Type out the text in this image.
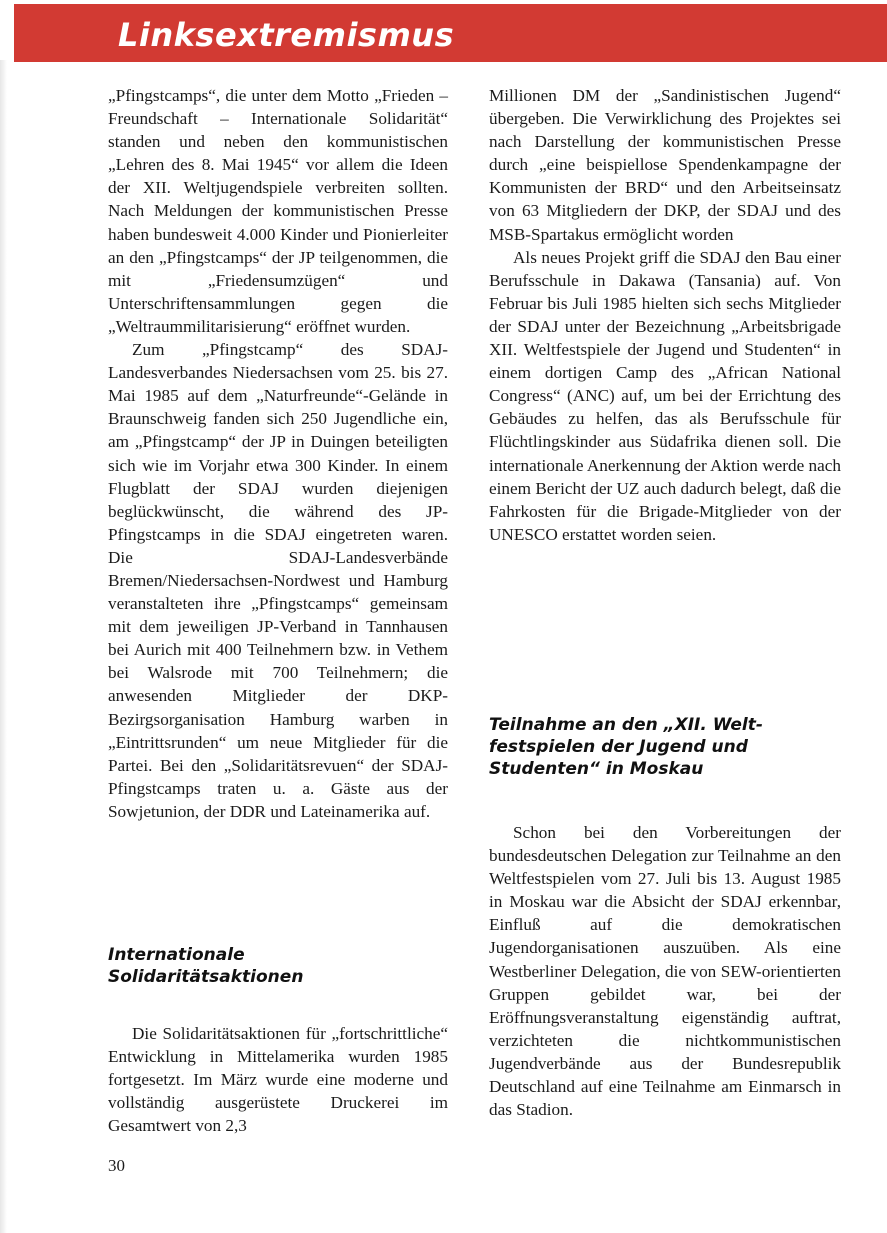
Linksextremismus

„Pfingstcamps“, die unter dem Motto „Frieden – Freundschaft – Internationale Solidarität“ standen und neben den kommunistischen „Lehren des 8. Mai 1945“ vor allem die Ideen der XII. Weltjugendspiele verbreiten sollten. Nach Meldungen der kommunistischen Presse haben bundesweit 4.000 Kinder und Pionierleiter an den „Pfingstcamps“ der JP teilgenommen, die mit „Friedensumzügen“ und Unterschriftensammlungen gegen die „Weltraummilitarisierung“ eröffnet wurden.

Zum „Pfingstcamp“ des SDAJ-Landesverbandes Niedersachsen vom 25. bis 27. Mai 1985 auf dem „Naturfreunde“-Gelände in Braunschweig fanden sich 250 Jugendliche ein, am „Pfingstcamp“ der JP in Duingen beteiligten sich wie im Vorjahr etwa 300 Kinder. In einem Flugblatt der SDAJ wurden diejenigen beglückwünscht, die während des JP-Pfingstcamps in die SDAJ eingetreten waren. Die SDAJ-Landesverbände Bremen/Niedersachsen-Nordwest und Hamburg veranstalteten ihre „Pfingstcamps“ gemeinsam mit dem jeweiligen JP-Verband in Tannhausen bei Aurich mit 400 Teilnehmern bzw. in Vethem bei Walsrode mit 700 Teilnehmern; die anwesenden Mitglieder der DKP-Bezirgsorganisation Hamburg warben in „Eintrittsrunden“ um neue Mitglieder für die Partei. Bei den „Solidaritätsrevuen“ der SDAJ-Pfingstcamps traten u. a. Gäste aus der Sowjetunion, der DDR und Lateinamerika auf.

Internationale
Solidaritätsaktionen

Die Solidaritätsaktionen für „fortschrittliche“ Entwicklung in Mittelamerika wurden 1985 fortgesetzt. Im März wurde eine moderne und vollständig ausgerüstete Druckerei im Gesamtwert von 2,3

Millionen DM der „Sandinistischen Jugend“ übergeben. Die Verwirklichung des Projektes sei nach Darstellung der kommunistischen Presse durch „eine beispiellose Spendenkampagne der Kommunisten der BRD“ und den Arbeitseinsatz von 63 Mitgliedern der DKP, der SDAJ und des MSB-Spartakus ermöglicht worden

Als neues Projekt griff die SDAJ den Bau einer Berufsschule in Dakawa (Tansania) auf. Von Februar bis Juli 1985 hielten sich sechs Mitglieder der SDAJ unter der Bezeichnung „Arbeitsbrigade XII. Weltfestspiele der Jugend und Studenten“ in einem dortigen Camp des „African National Congress“ (ANC) auf, um bei der Errichtung des Gebäudes zu helfen, das als Berufsschule für Flüchtlingskinder aus Südafrika dienen soll. Die internationale Anerkennung der Aktion werde nach einem Bericht der UZ auch dadurch belegt, daß die Fahrkosten für die Brigade-Mitglieder von der UNESCO erstattet worden seien.

Teilnahme an den „XII. Welt-
festspielen der Jugend und
Studenten“ in Moskau

Schon bei den Vorbereitungen der bundesdeutschen Delegation zur Teilnahme an den Weltfestspielen vom 27. Juli bis 13. August 1985 in Moskau war die Absicht der SDAJ erkennbar, Einfluß auf die demokratischen Jugendorganisationen auszuüben. Als eine Westberliner Delegation, die von SEW-orientierten Gruppen gebildet war, bei der Eröffnungsveranstaltung eigenständig auftrat, verzichteten die nichtkommunistischen Jugendverbände aus der Bundesrepublik Deutschland auf eine Teilnahme am Einmarsch in das Stadion.

30
